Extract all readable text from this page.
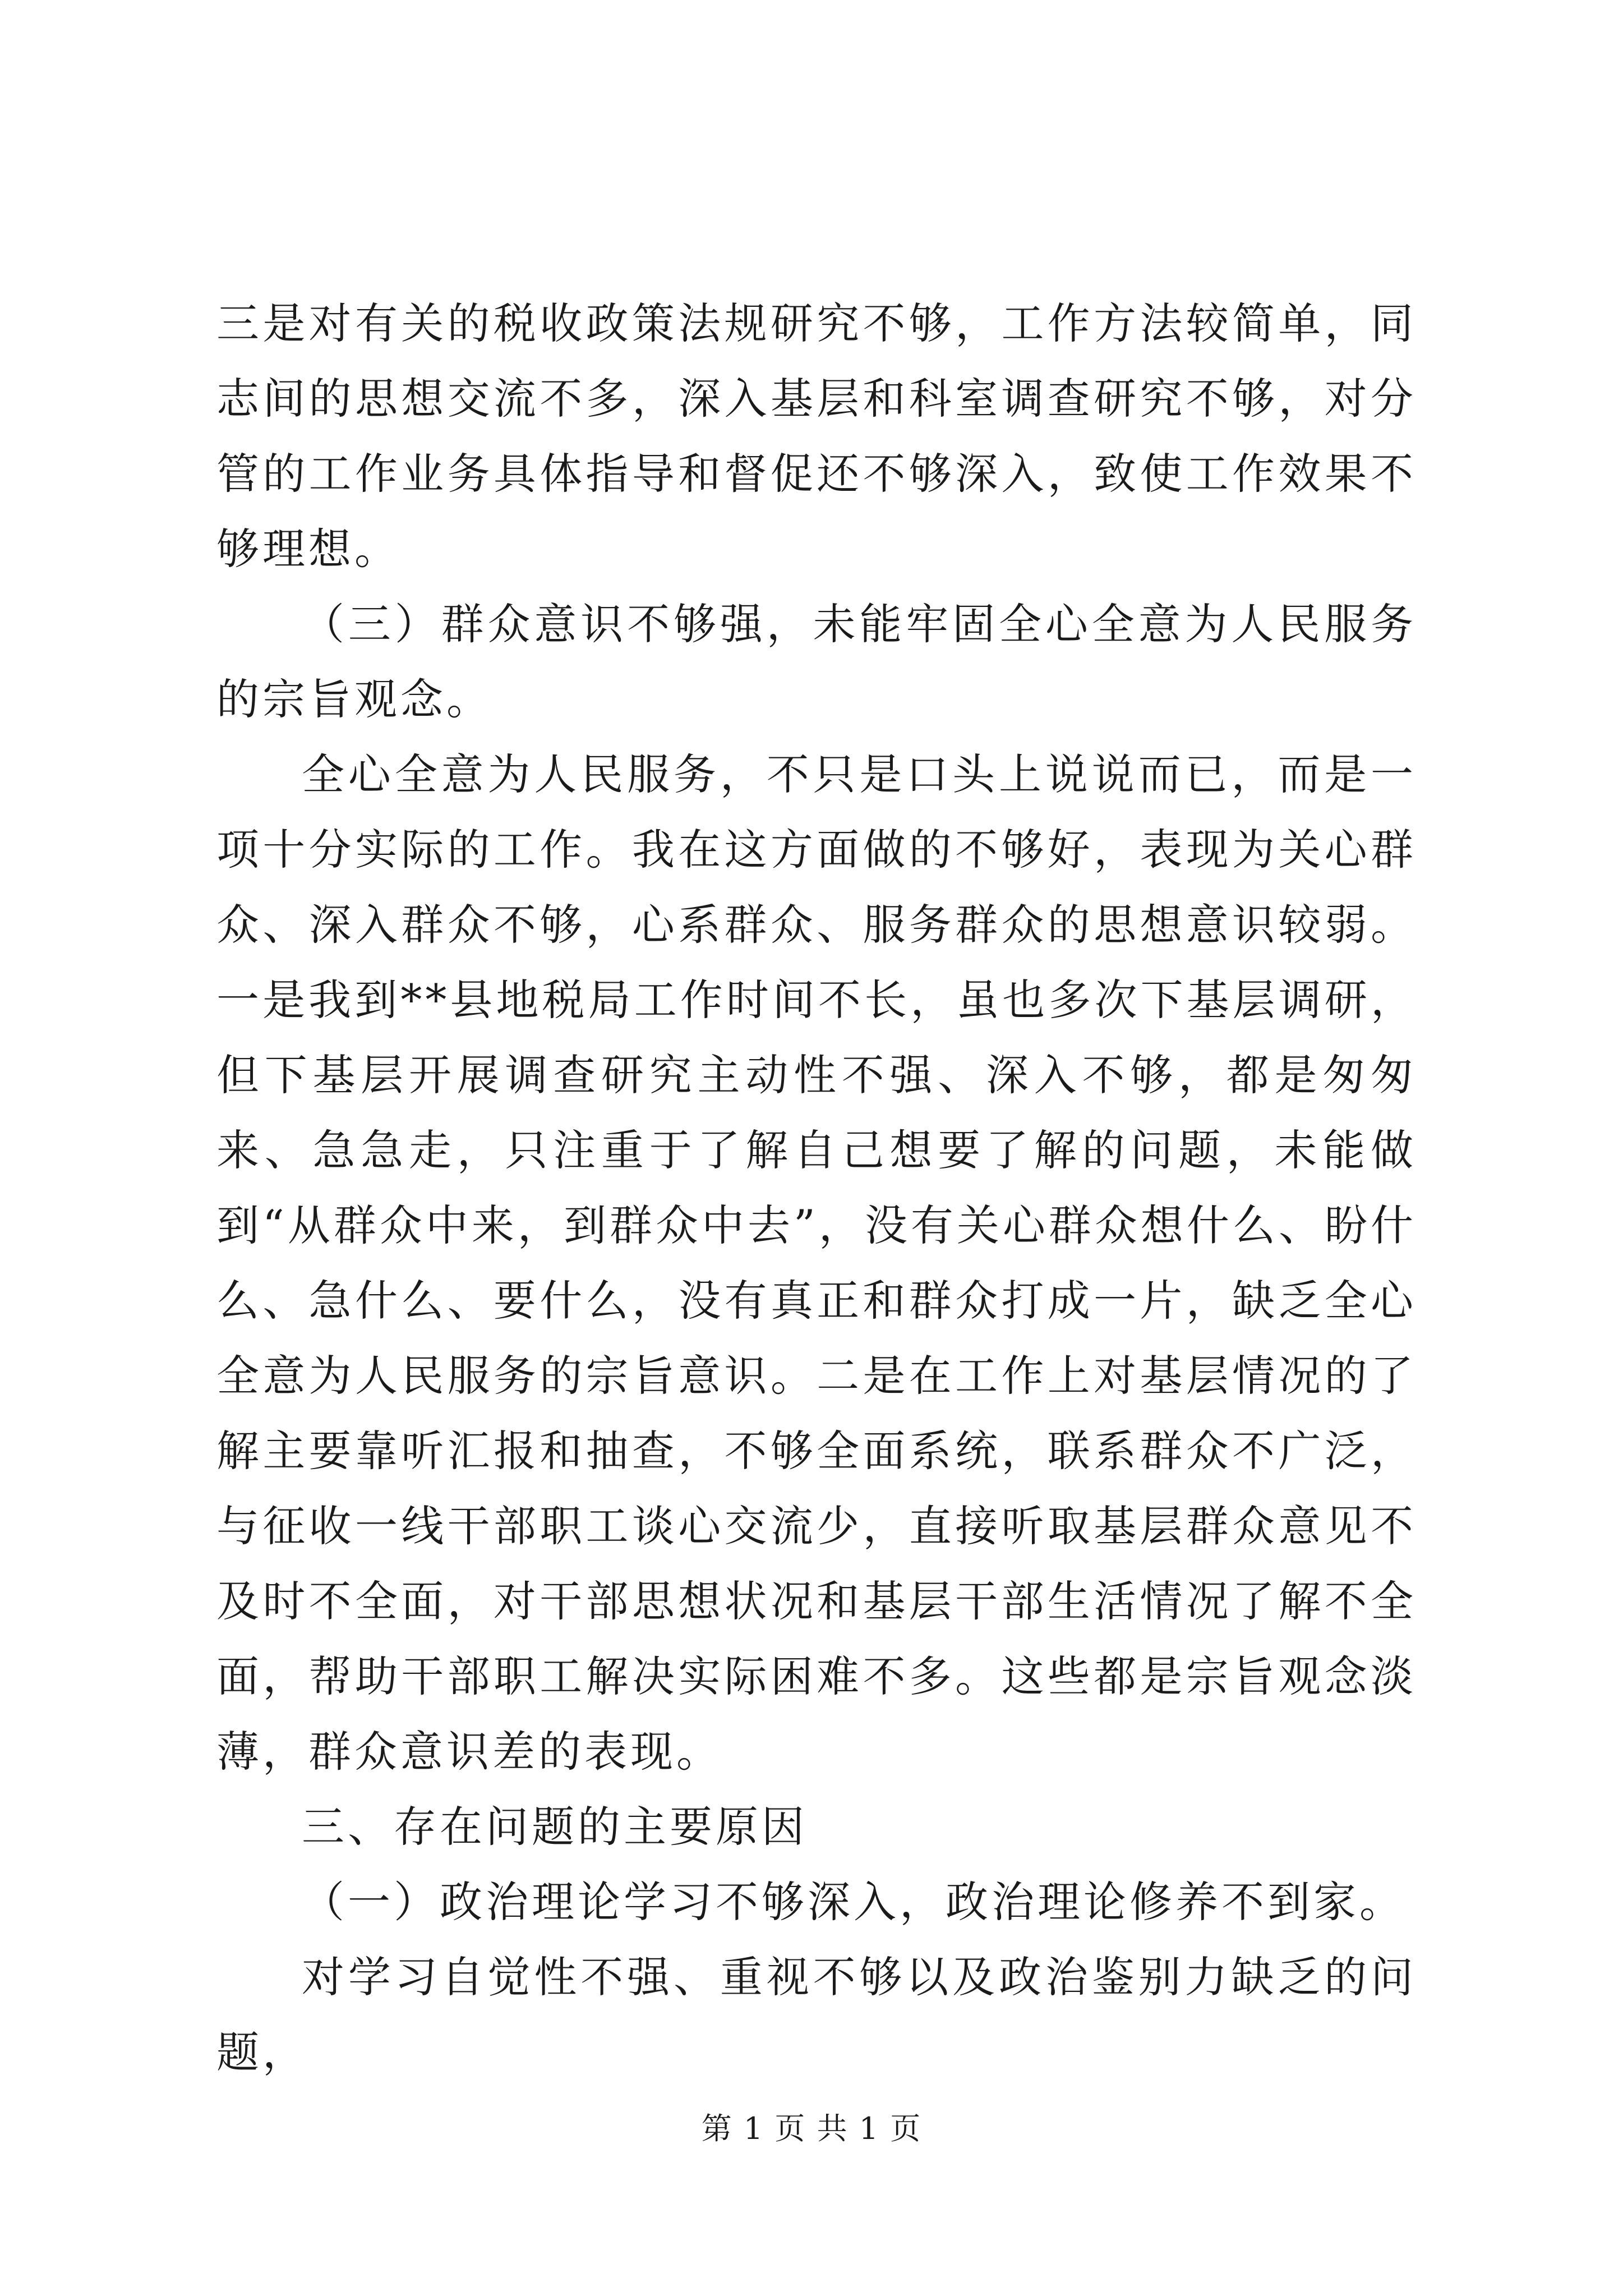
三是对有关的税收政策法规研究不够，工作方法较简单，同志间的思想交流不多，深入基层和科室调查研究不够，对分管的工作业务具体指导和督促还不够深入，致使工作效果不够理想。

（三）群众意识不够强，未能牢固全心全意为人民服务的宗旨观念。

全心全意为人民服务，不只是口头上说说而已，而是一项十分实际的工作。我在这方面做的不够好，表现为关心群众、深入群众不够，心系群众、服务群众的思想意识较弱。一是我到**县地税局工作时间不长，虽也多次下基层调研，但下基层开展调查研究主动性不强、深入不够，都是匆匆来、急急走，只注重于了解自己想要了解的问题，未能做到“从群众中来，到群众中去”，没有关心群众想什么、盼什么、急什么、要什么，没有真正和群众打成一片，缺乏全心全意为人民服务的宗旨意识。二是在工作上对基层情况的了解主要靠听汇报和抽查，不够全面系统，联系群众不广泛，与征收一线干部职工谈心交流少，直接听取基层群众意见不及时不全面，对干部思想状况和基层干部生活情况了解不全面，帮助干部职工解决实际困难不多。这些都是宗旨观念淡薄，群众意识差的表现。

三、存在问题的主要原因

（一）政治理论学习不够深入，政治理论修养不到家。

对学习自觉性不强、重视不够以及政治鉴别力缺乏的问题，

第 1 页 共 1 页
